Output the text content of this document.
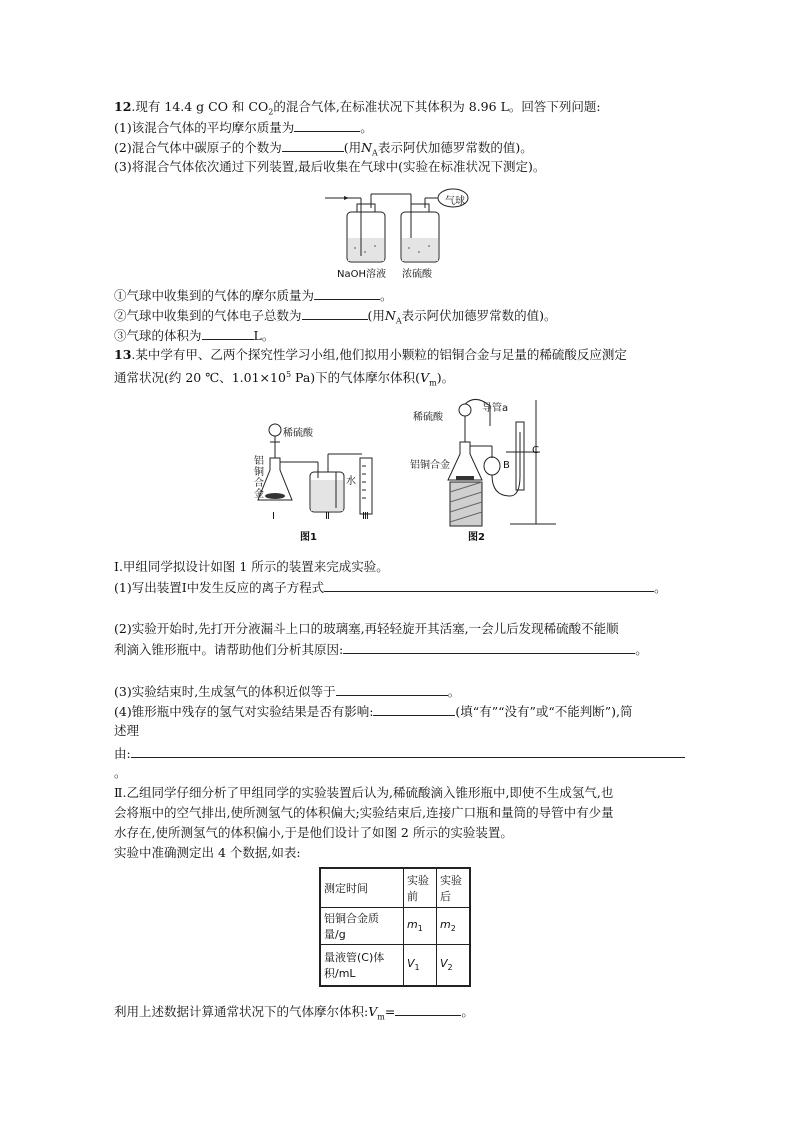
12.现有 14.4 g CO 和 $CO_2$的混合气体,在标准状况下其体积为 8.96 L。回答下列问题:
(1)该混合气体的平均摩尔质量为	。
(2)混合气体中碳原子的个数为	(用$N_A$表示阿伏加德罗常数的值)。
(3)将混合气体依次通过下列装置,最后收集在气球中(实验在标准状况下测定)。
气球
NaOH溶液 浓硫酸
①气球中收集到的气体的摩尔质量为	。
②气球中收集到的气体电子总数为	(用$N_A$表示阿伏加德罗常数的值)。
③气球的体积为	L。
13.某中学有甲、乙两个探究性学习小组,他们拟用小颗粒的铝铜合金与足量的稀硫酸反应测定
通常状况(约 20 ℃、$1.01\times 10^5$ Pa)下的气体摩尔体积$(V_m)$。
稀硫酸
铝铜合金
水
Ⅰ	Ⅱ	Ⅲ
图1
稀硫酸
导管a
铝铜合金	B
C
图2
Ⅰ.甲组同学拟设计如图 1 所示的装置来完成实验。
(1)写出装置Ⅰ中发生反应的离子方程式	。
(2)实验开始时,先打开分液漏斗上口的玻璃塞,再轻轻旋开其活塞,一会儿后发现稀硫酸不能顺
利滴入锥形瓶中。请帮助他们分析其原因:	。
(3)实验结束时,生成氢气的体积近似等于	。
(4)锥形瓶中残存的氢气对实验结果是否有影响:	(填“有”“没有”或“不能判断”),简
述理
由:
。
Ⅱ.乙组同学仔细分析了甲组同学的实验装置后认为,稀硫酸滴入锥形瓶中,即使不生成氢气,也
会将瓶中的空气排出,使所测氢气的体积偏大;实验结束后,连接广口瓶和量筒的导管中有少量
水存在,使所测氢气的体积偏小,于是他们设计了如图 2 所示的实验装置。
实验中准确测定出 4 个数据,如表:
测定时间	实验前	实验后
铝铜合金质量/g	$m_1$	$m_2$
量液管(C)体积/mL	$V_1$	$V_2$
利用上述数据计算通常状况下的气体摩尔体积$:V_m=$	。
